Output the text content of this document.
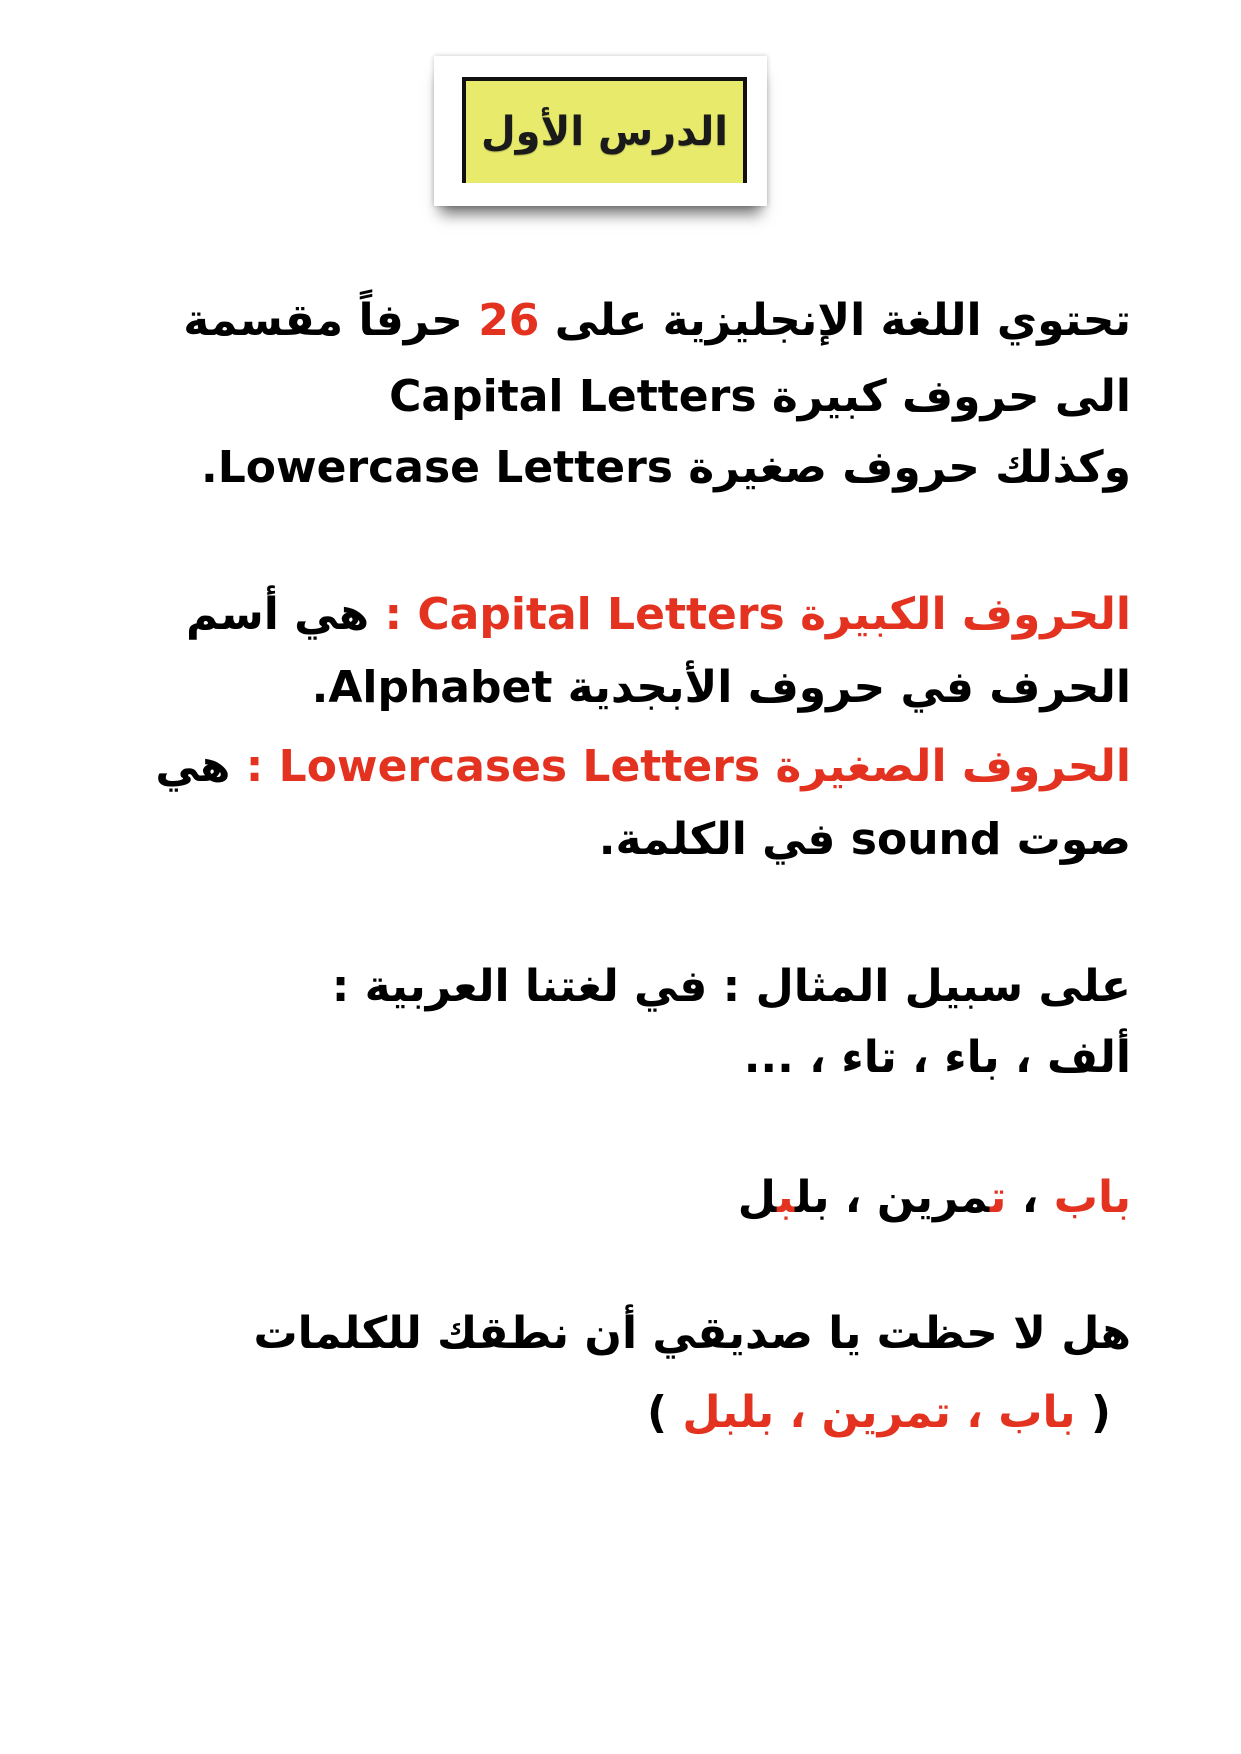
الدرس الأول
تحتوي اللغة الإنجليزية على 26 حرفاً مقسمة
الى حروف كبيرة Capital Letters
وكذلك حروف صغيرة Lowercase Letters.
الحروف الكبيرة Capital Letters : هي أسم
الحرف في حروف الأبجدية Alphabet.
الحروف الصغيرة Lowercases Letters : هي
صوت sound في الكلمة.
على سبيل المثال : في لغتنا العربية :
ألف ، باء ، تاء ، ...
باب ، ت ‍‍ مرين ، بل ‍‍ ب ‍‍ ل
هل لا حظت يا صديقي أن نطقك للكلمات
( باب ، تمرين ، بلبل )
